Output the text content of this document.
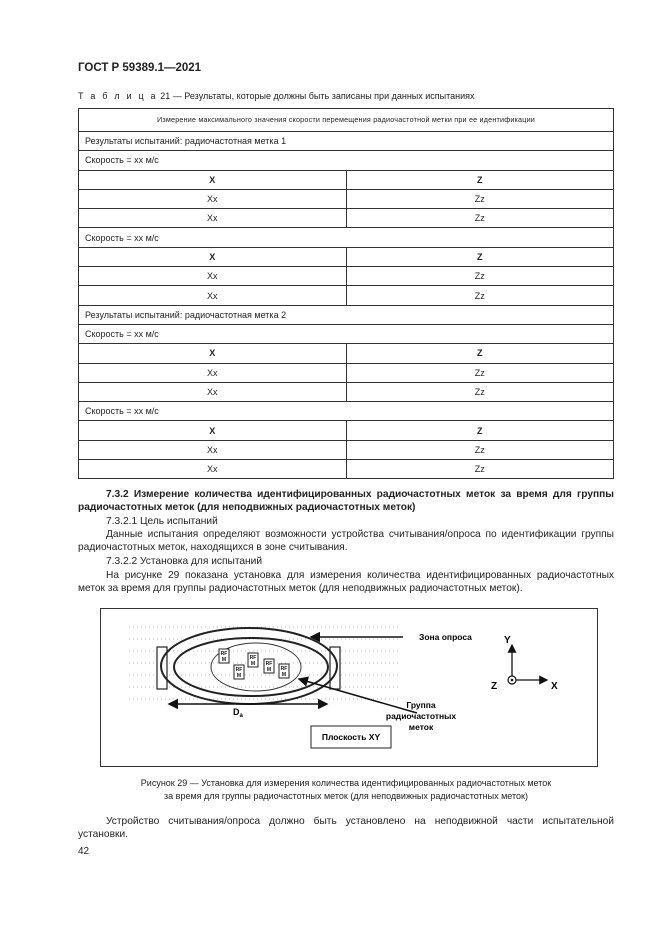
ГОСТ Р 59389.1—2021
Т а б л и ц а 21 — Результаты, которые должны быть записаны при данных испытаниях
Измерение максимального значения скорости перемещения радиочастотной метки при ее идентификации	
Результаты испытаний: радиочастотная метка 1	
Скорость = xx м/с	
X	Z
Xx	Zz
Xx	Zz
Скорость = xx м/с	
X	Z
Xx	Zz
Xx	Zz
Результаты испытаний: радиочастотная метка 2	
Скорость = xx м/с	
X	Z
Xx	Zz
Xx	Zz
Скорость = xx м/с	
X	Z
Xx	Zz
Xx	Zz
7.3.2 Измерение количества идентифицированных радиочастотных меток за время для группы радиочастотных меток (для неподвижных радиочастотных меток)
7.3.2.1 Цель испытаний
Данные испытания определяют возможности устройства считывания/опроса по идентификации группы радиочастотных меток, находящихся в зоне считывания.
7.3.2.2 Установка для испытаний
На рисунке 29 показана установка для измерения количества идентифицированных радиочастотных меток за время для группы радиочастотных меток (для неподвижных радиочастотных меток).
RF
M
RF
M
RF
M RF
M RF
M
Зона опроса
Группа
радиочастотных
меток
$D_a$
Плоскость XY
Y
Z	X
Рисунок 29 — Установка для измерения количества идентифицированных радиочастотных меток
за время для группы радиочастотных меток (для неподвижных радиочастотных меток)
Устройство считывания/опроса должно быть установлено на неподвижной части испытательной установки.
42
